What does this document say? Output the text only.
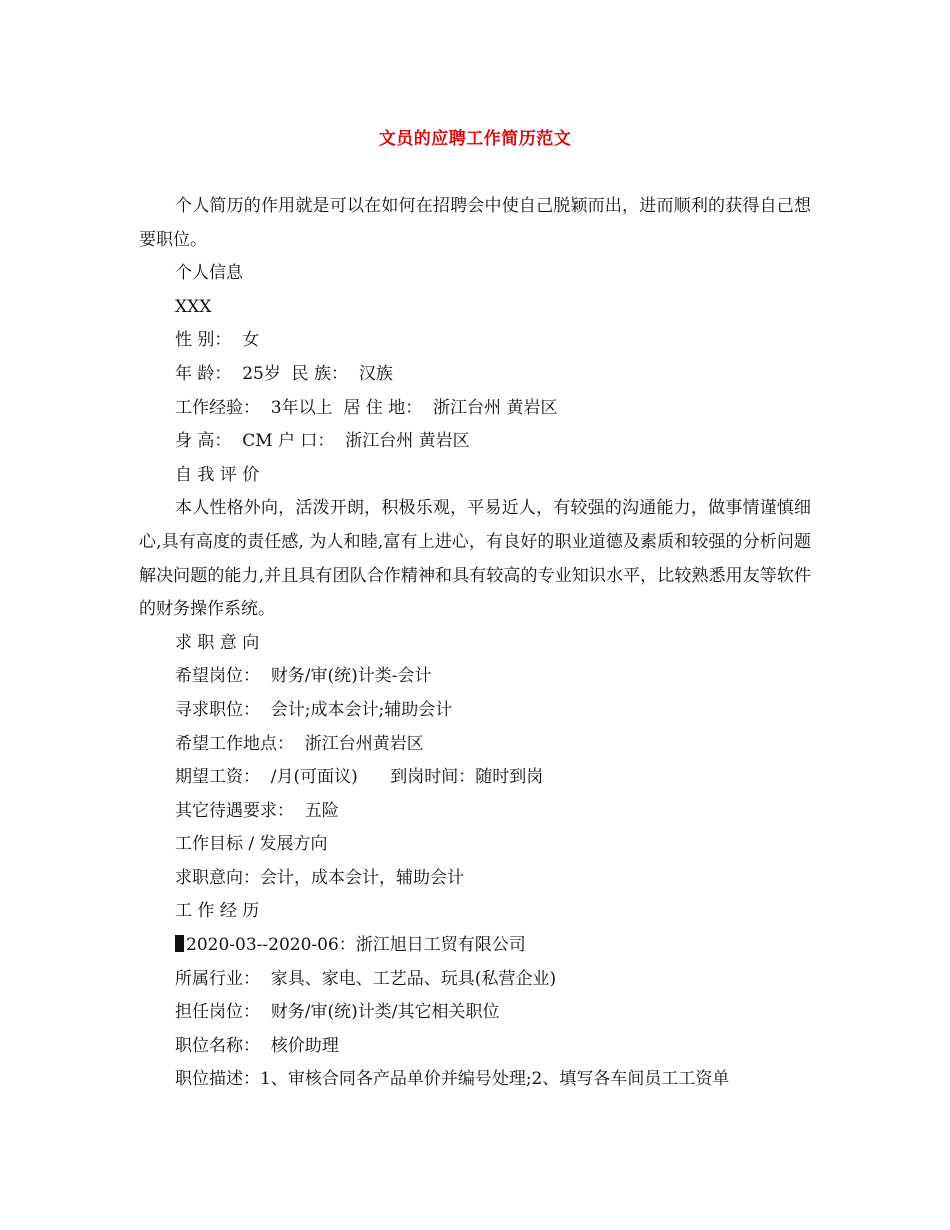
文员的应聘工作简历范文

个人简历的作用就是可以在如何在招聘会中使自己脱颖而出，进而顺利的获得自己想要职位。

个人信息

XXX

性 别：  女

年 龄：  25岁  民 族：  汉族

工作经验：  3年以上  居 住 地：  浙江台州 黄岩区

身 高：  CM 户 口：  浙江台州 黄岩区

自 我 评 价

本人性格外向，活泼开朗，积极乐观，平易近人，有较强的沟通能力，做事情谨慎细心,具有高度的责任感, 为人和睦,富有上进心，有良好的职业道德及素质和较强的分析问题解决问题的能力,并且具有团队合作精神和具有较高的专业知识水平，比较熟悉用友等软件的财务操作系统。

求 职 意 向

希望岗位：  财务/审(统)计类-会计

寻求职位：  会计;成本会计;辅助会计

希望工作地点：  浙江台州黄岩区

期望工资：  /月(可面议)      到岗时间：随时到岗

其它待遇要求：  五险

工作目标 / 发展方向

求职意向：会计，成本会计，辅助会计

工 作 经 历

2020-03--2020-06：浙江旭日工贸有限公司

所属行业：  家具、家电、工艺品、玩具(私营企业)

担任岗位：  财务/审(统)计类/其它相关职位

职位名称：  核价助理

职位描述：1、审核合同各产品单价并编号处理;2、填写各车间员工工资单
